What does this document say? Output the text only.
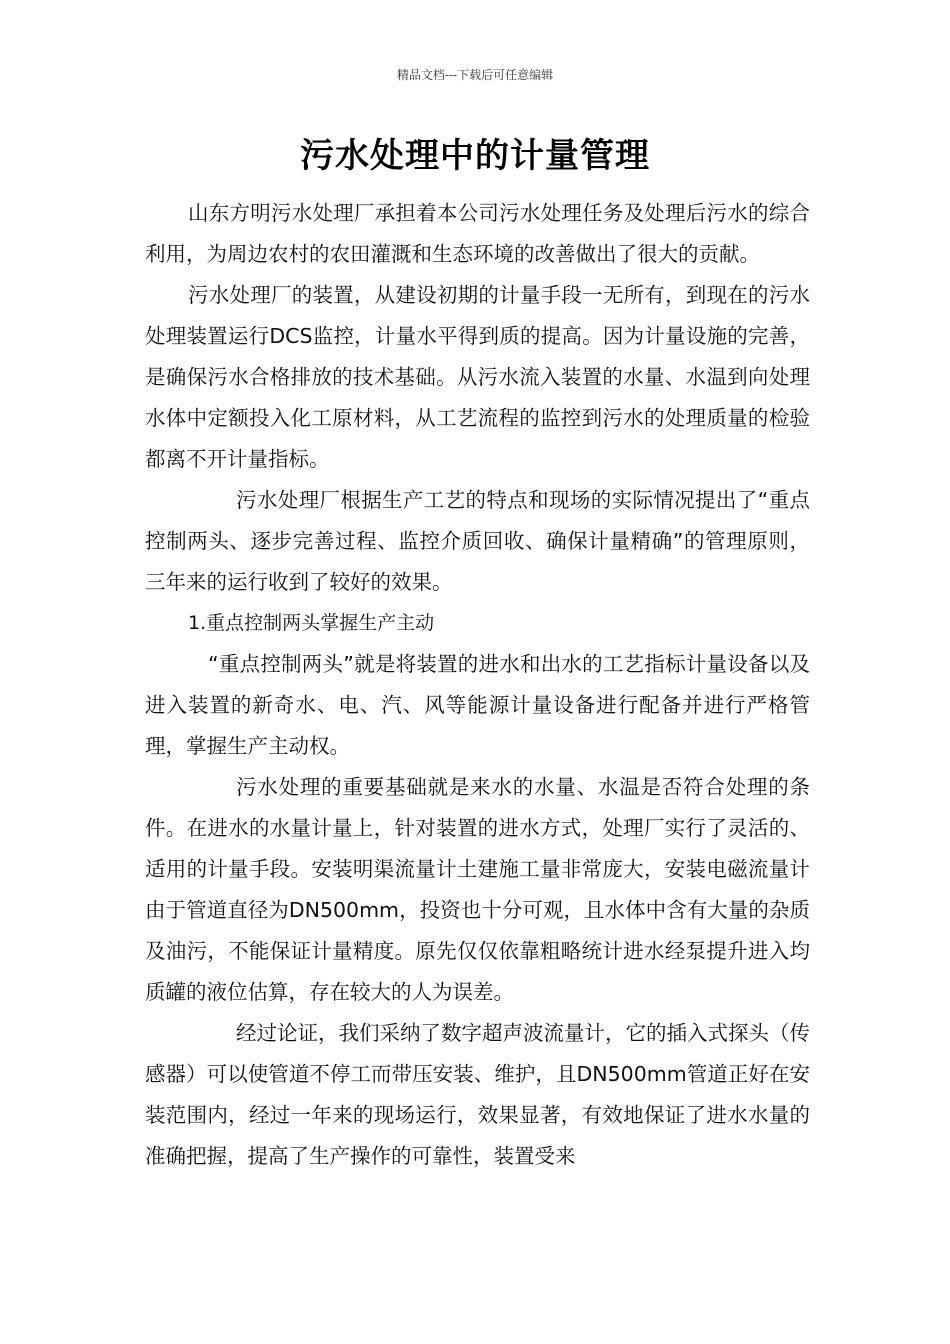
精品文档---下载后可任意编辑
污水处理中的计量管理

山东方明污水处理厂承担着本公司污水处理任务及处理后污水的综合利用，为周边农村的农田灌溉和生态环境的改善做出了很大的贡献。

污水处理厂的装置，从建设初期的计量手段一无所有，到现在的污水处理装置运行DCS监控，计量水平得到质的提高。因为计量设施的完善，是确保污水合格排放的技术基础。从污水流入装置的水量、水温到向处理水体中定额投入化工原材料，从工艺流程的监控到污水的处理质量的检验都离不开计量指标。

污水处理厂根据生产工艺的特点和现场的实际情况提出了“重点控制两头、逐步完善过程、监控介质回收、确保计量精确”的管理原则，三年来的运行收到了较好的效果。

1.重点控制两头掌握生产主动

“重点控制两头”就是将装置的进水和出水的工艺指标计量设备以及进入装置的新奇水、电、汽、风等能源计量设备进行配备并进行严格管理，掌握生产主动权。

污水处理的重要基础就是来水的水量、水温是否符合处理的条件。在进水的水量计量上，针对装置的进水方式，处理厂实行了灵活的、适用的计量手段。安装明渠流量计土建施工量非常庞大，安装电磁流量计由于管道直径为DN500mm，投资也十分可观，且水体中含有大量的杂质及油污，不能保证计量精度。原先仅仅依靠粗略统计进水经泵提升进入均质罐的液位估算，存在较大的人为误差。

经过论证，我们采纳了数字超声波流量计，它的插入式探头（传感器）可以使管道不停工而带压安装、维护，且DN500mm管道正好在安装范围内，经过一年来的现场运行，效果显著，有效地保证了进水水量的准确把握，提高了生产操作的可靠性，装置受来
